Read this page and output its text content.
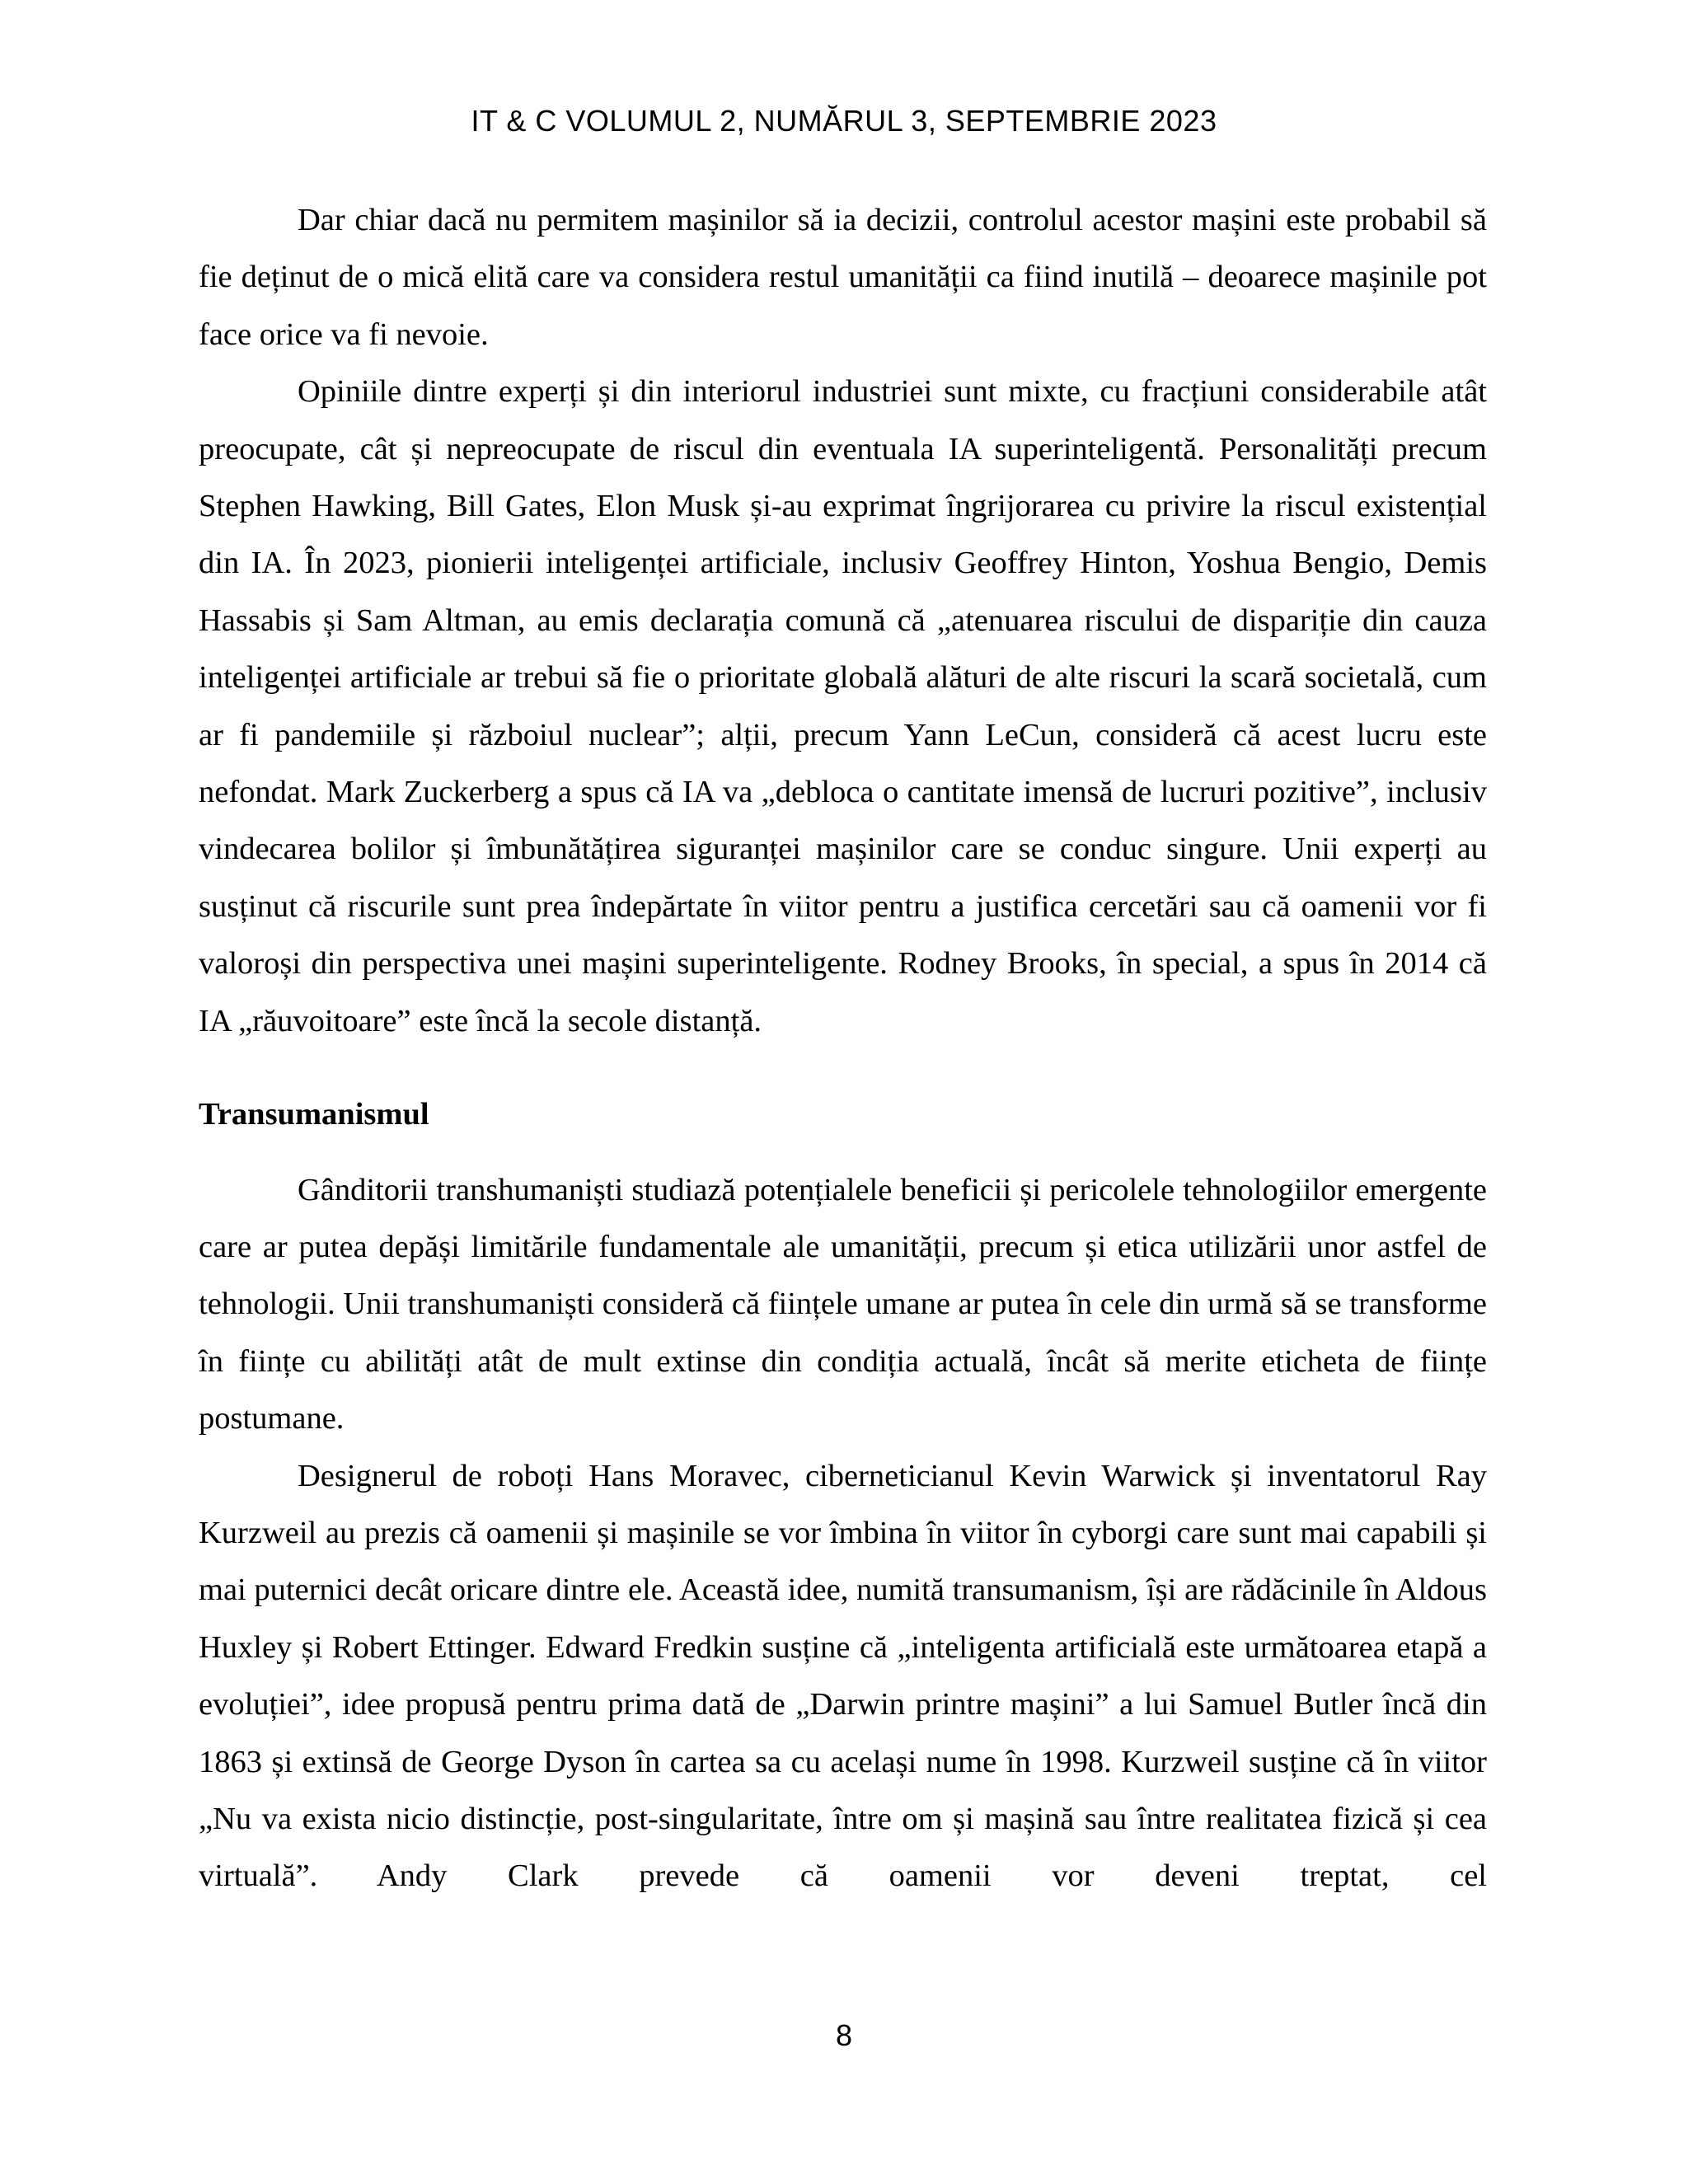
IT & C VOLUMUL 2, NUMĂRUL 3, SEPTEMBRIE 2023

Dar chiar dacă nu permitem mașinilor să ia decizii, controlul acestor mașini este probabil să fie deținut de o mică elită care va considera restul umanității ca fiind inutilă – deoarece mașinile pot face orice va fi nevoie.

Opiniile dintre experți și din interiorul industriei sunt mixte, cu fracțiuni considerabile atât preocupate, cât și nepreocupate de riscul din eventuala IA superinteligentă. Personalități precum Stephen Hawking, Bill Gates, Elon Musk și-au exprimat îngrijorarea cu privire la riscul existențial din IA. În 2023, pionierii inteligenței artificiale, inclusiv Geoffrey Hinton, Yoshua Bengio, Demis Hassabis și Sam Altman, au emis declarația comună că „atenuarea riscului de dispariție din cauza inteligenței artificiale ar trebui să fie o prioritate globală alături de alte riscuri la scară societală, cum ar fi pandemiile și războiul nuclear”; alții, precum Yann LeCun, consideră că acest lucru este nefondat. Mark Zuckerberg a spus că IA va „debloca o cantitate imensă de lucruri pozitive”, inclusiv vindecarea bolilor și îmbunătățirea siguranței mașinilor care se conduc singure. Unii experți au susținut că riscurile sunt prea îndepărtate în viitor pentru a justifica cercetări sau că oamenii vor fi valoroși din perspectiva unei mașini superinteligente. Rodney Brooks, în special, a spus în 2014 că IA „răuvoitoare” este încă la secole distanță.

Transumanismul

Gânditorii transhumaniști studiază potențialele beneficii și pericolele tehnologiilor emergente care ar putea depăși limitările fundamentale ale umanității, precum și etica utilizării unor astfel de tehnologii. Unii transhumaniști consideră că ființele umane ar putea în cele din urmă să se transforme în ființe cu abilități atât de mult extinse din condiția actuală, încât să merite eticheta de ființe postumane.

Designerul de roboți Hans Moravec, ciberneticianul Kevin Warwick și inventatorul Ray Kurzweil au prezis că oamenii și mașinile se vor îmbina în viitor în cyborgi care sunt mai capabili și mai puternici decât oricare dintre ele. Această idee, numită transumanism, își are rădăcinile în Aldous Huxley și Robert Ettinger. Edward Fredkin susține că „inteligenta artificială este următoarea etapă a evoluției”, idee propusă pentru prima dată de „Darwin printre mașini” a lui Samuel Butler încă din 1863 și extinsă de George Dyson în cartea sa cu același nume în 1998. Kurzweil susține că în viitor „Nu va exista nicio distincție, post-singularitate, între om și mașină sau între realitatea fizică și cea virtuală”. Andy Clark prevede că oamenii vor deveni treptat, cel

8
